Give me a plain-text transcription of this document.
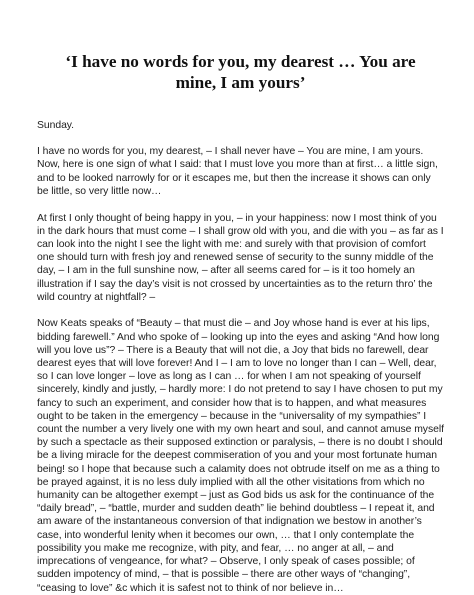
‘I have no words for you, my dearest … You are mine, I am yours’

Sunday.

I have no words for you, my dearest, – I shall never have – You are mine, I am yours. Now, here is one sign of what I said: that I must love you more than at first… a little sign, and to be looked narrowly for or it escapes me, but then the increase it shows can only be little, so very little now…

At first I only thought of being happy in you, – in your happiness: now I most think of you in the dark hours that must come – I shall grow old with you, and die with you – as far as I can look into the night I see the light with me: and surely with that provision of comfort one should turn with fresh joy and renewed sense of security to the sunny middle of the day, – I am in the full sunshine now, – after all seems cared for – is it too homely an illustration if I say the day’s visit is not crossed by uncertainties as to the return thro’ the wild country at nightfall? –

Now Keats speaks of “Beauty – that must die – and Joy whose hand is ever at his lips, bidding farewell.” And who spoke of – looking up into the eyes and asking “And how long will you love us”? – There is a Beauty that will not die, a Joy that bids no farewell, dear dearest eyes that will love forever! And I – I am to love no longer than I can – Well, dear, so I can love longer – love as long as I can … for when I am not speaking of yourself sincerely, kindly and justly, – hardly more: I do not pretend to say I have chosen to put my fancy to such an experiment, and consider how that is to happen, and what measures ought to be taken in the emergency – because in the “universality of my sympathies” I count the number a very lively one with my own heart and soul, and cannot amuse myself by such a spectacle as their supposed extinction or paralysis, – there is no doubt I should be a living miracle for the deepest commiseration of you and your most fortunate human being! so I hope that because such a calamity does not obtrude itself on me as a thing to be prayed against, it is no less duly implied with all the other visitations from which no humanity can be altogether exempt – just as God bids us ask for the continuance of the “daily bread”, – “battle, murder and sudden death” lie behind doubtless – I repeat it, and am aware of the instantaneous conversion of that indignation we bestow in another’s case, into wonderful lenity when it becomes our own, … that I only contemplate the possibility you make me recognize, with pity, and fear, … no anger at all, – and imprecations of vengeance, for what? – Observe, I only speak of cases possible; of sudden impotency of mind, – that is possible – there are other ways of “changing”, “ceasing to love” &c which it is safest not to think of nor believe in…
